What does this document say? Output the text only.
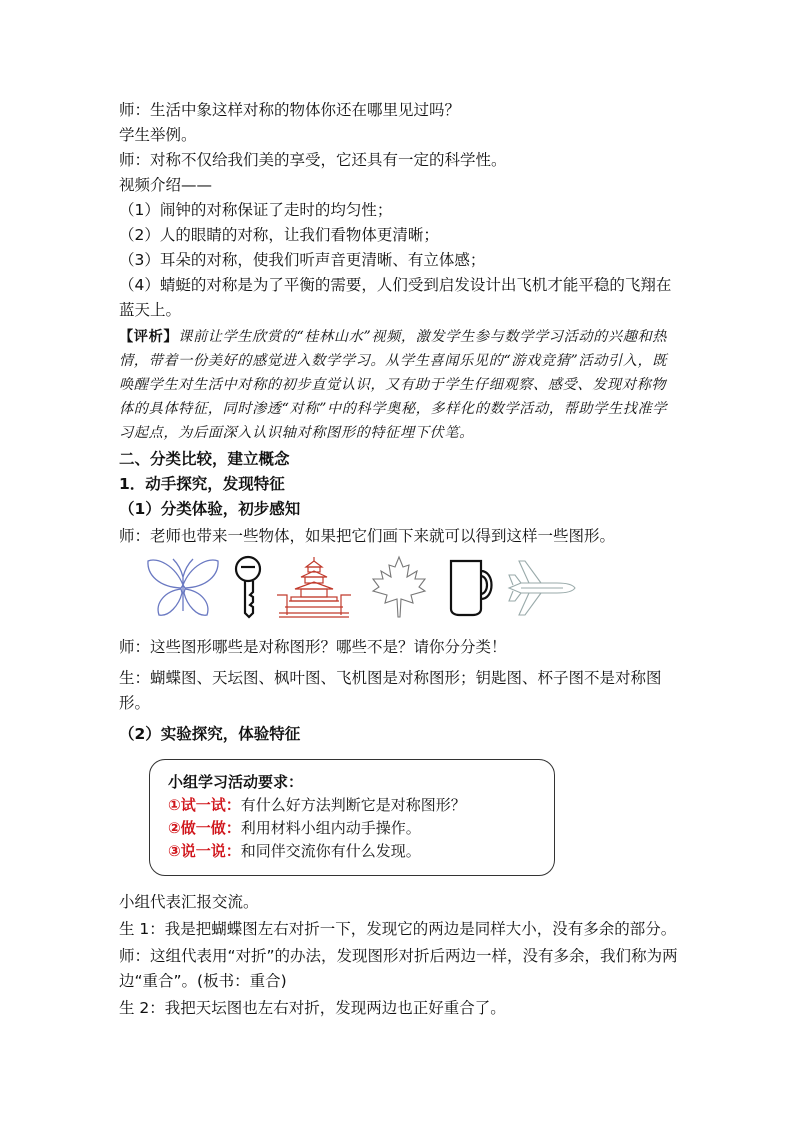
师：生活中象这样对称的物体你还在哪里见过吗？
学生举例。
师：对称不仅给我们美的享受，它还具有一定的科学性。
视频介绍——
（1）闹钟的对称保证了走时的均匀性；
（2）人的眼睛的对称，让我们看物体更清晰；
（3）耳朵的对称，使我们听声音更清晰、有立体感；
（4）蜻蜓的对称是为了平衡的需要，人们受到启发设计出飞机才能平稳的飞翔在蓝天上。
【评析】课前让学生欣赏的“桂林山水”视频，激发学生参与数学学习活动的兴趣和热情，带着一份美好的感觉进入数学学习。从学生喜闻乐见的“游戏竞猜”活动引入，既唤醒学生对生活中对称的初步直觉认识，又有助于学生仔细观察、感受、发现对称物体的具体特征，同时渗透“对称”中的科学奥秘，多样化的数学活动，帮助学生找准学习起点，为后面深入认识轴对称图形的特征埋下伏笔。
二、分类比较，建立概念
1．动手探究，发现特征
（1）分类体验，初步感知
师：老师也带来一些物体，如果把它们画下来就可以得到这样一些图形。
师：这些图形哪些是对称图形？哪些不是？请你分分类！
生：蝴蝶图、天坛图、枫叶图、飞机图是对称图形；钥匙图、杯子图不是对称图形。
（2）实验探究，体验特征
小组学习活动要求：
①试一试：有什么好方法判断它是对称图形？
②做一做：利用材料小组内动手操作。
③说一说：和同伴交流你有什么发现。
小组代表汇报交流。
生 1：我是把蝴蝶图左右对折一下，发现它的两边是同样大小，没有多余的部分。
师：这组代表用“对折”的办法，发现图形对折后两边一样，没有多余，我们称为两边“重合”。(板书：重合)
生 2：我把天坛图也左右对折，发现两边也正好重合了。
